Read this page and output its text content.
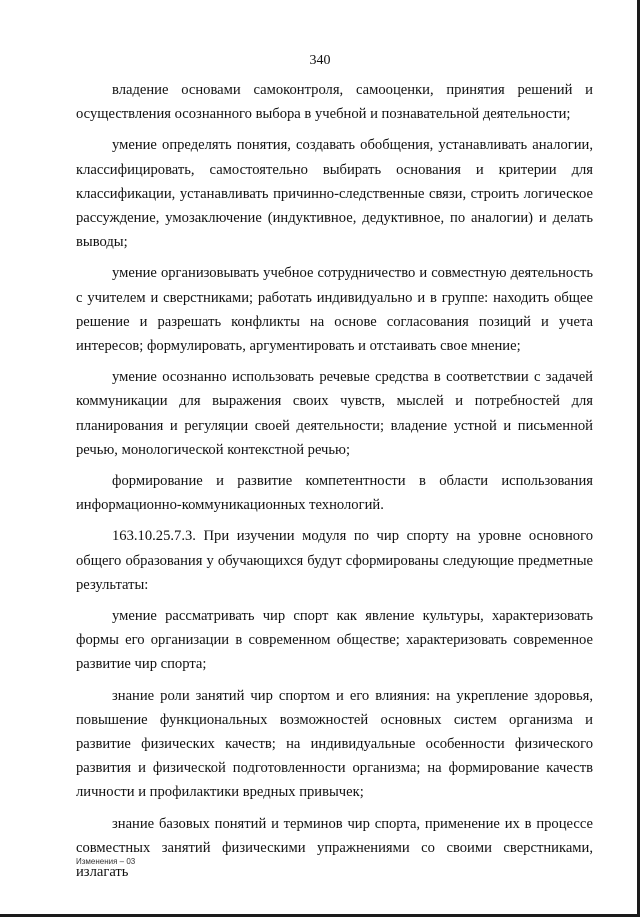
340

владение основами самоконтроля, самооценки, принятия решений и осуществления осознанного выбора в учебной и познавательной деятельности;

умение определять понятия, создавать обобщения, устанавливать аналогии, классифицировать, самостоятельно выбирать основания и критерии для классификации, устанавливать причинно-следственные связи, строить логическое рассуждение, умозаключение (индуктивное, дедуктивное, по аналогии) и делать выводы;

умение организовывать учебное сотрудничество и совместную деятельность с учителем и сверстниками; работать индивидуально и в группе: находить общее решение и разрешать конфликты на основе согласования позиций и учета интересов; формулировать, аргументировать и отстаивать свое мнение;

умение осознанно использовать речевые средства в соответствии с задачей коммуникации для выражения своих чувств, мыслей и потребностей для планирования и регуляции своей деятельности; владение устной и письменной речью, монологической контекстной речью;

формирование и развитие компетентности в области использования информационно-коммуникационных технологий.

163.10.25.7.3. При изучении модуля по чир спорту на уровне основного общего образования у обучающихся будут сформированы следующие предметные результаты:

умение рассматривать чир спорт как явление культуры, характеризовать формы его организации в современном обществе; характеризовать современное развитие чир спорта;

знание роли занятий чир спортом и его влияния: на укрепление здоровья, повышение функциональных возможностей основных систем организма и развитие физических качеств; на индивидуальные особенности физического развития и физической подготовленности организма; на формирование качеств личности и профилактики вредных привычек;

знание базовых понятий и терминов чир спорта, применение их в процессе совместных занятий физическими упражнениями со своими сверстниками, излагать

Изменения – 03
